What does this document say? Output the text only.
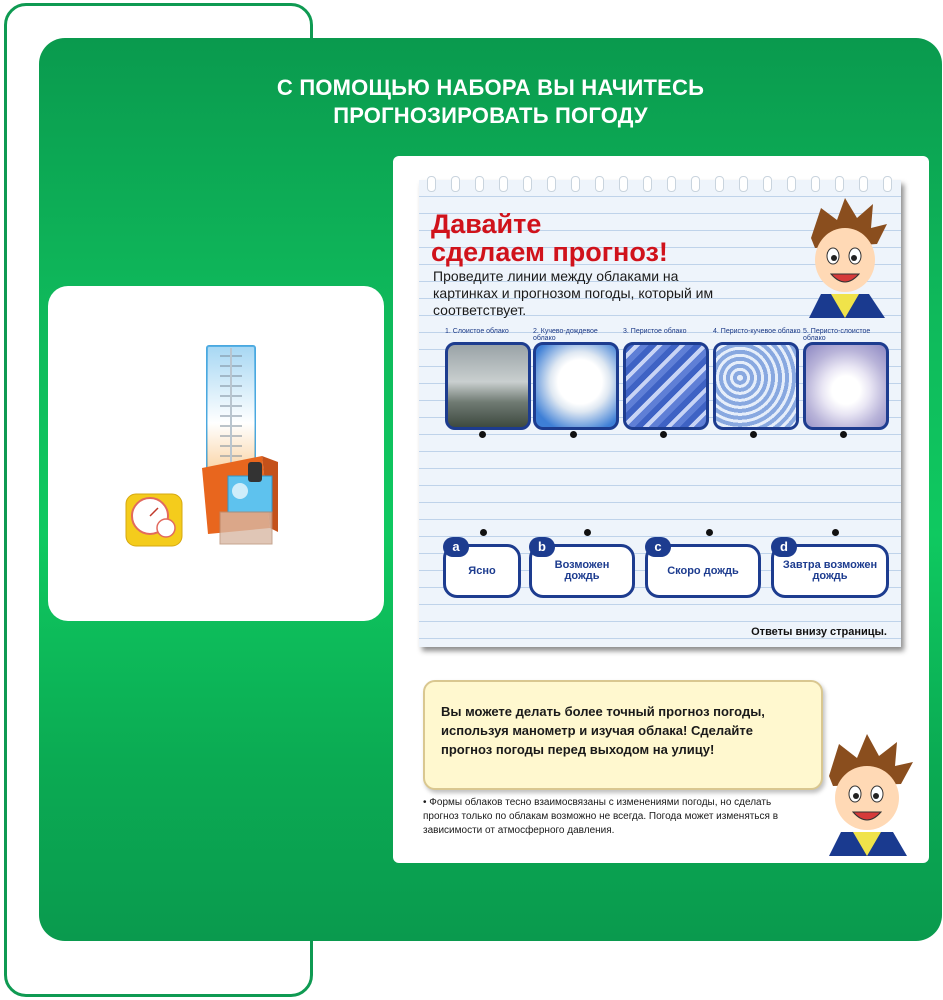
С ПОМОЩЬЮ НАБОРА ВЫ НАЧИТЕСЬ
ПРОГНОЗИРОВАТЬ ПОГОДУ
Давайте
сделаем прогноз!

Проведите линии между облаками на картинках и прогнозом погоды, который им соответствует.

1. Слоистое облако	2. Кучево-дождевое облако
3. Перистое облако	4. Перисто-кучевое облако 5. Перисто-слоистое облако
Ясно
a
Возможен дождь
b
Скоро дождь
c
Завтра возможен дождь
d
Ответы внизу страницы.
Вы можете делать более точный прогноз погоды, используя манометр и изучая облака! Сделайте прогноз погоды перед выходом на улицу!
• Формы облаков тесно взаимосвязаны с изменениями погоды, но сделать прогноз только по облакам возможно не всегда. Погода может изменяться в зависимости от атмосферного давления.
